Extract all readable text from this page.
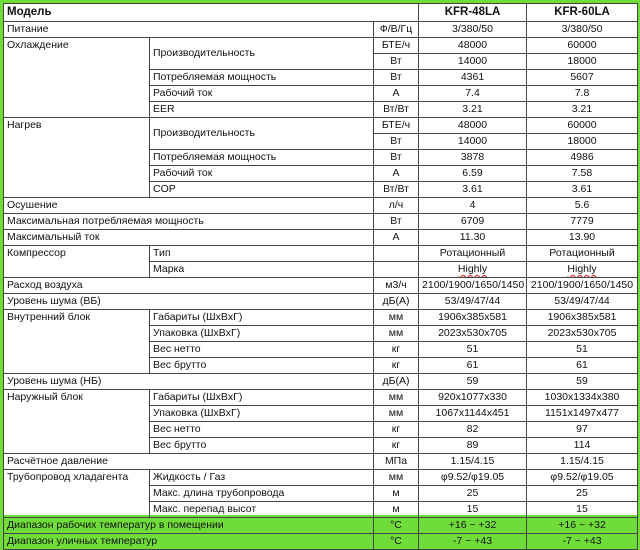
Модель			KFR-48LA	KFR-60LA
Питание		Ф/В/Гц	3/380/50	3/380/50
Охлаждение	Производительность	БТЕ/ч	48000	60000
		Вт	14000	18000
	Потребляемая мощность	Вт	4361	5607
	Рабочий ток	А	7.4	7.8
	EER	Вт/Вт	3.21	3.21
Нагрев	Производительность	БТЕ/ч	48000	60000
		Вт	14000	18000
	Потребляемая мощность	Вт	3878	4986
	Рабочий ток	А	6.59	7.58
	COP	Вт/Вт	3.61	3.61
Осушение		л/ч	4	5.6
Максимальная потребляемая мощность		Вт	6709	7779
Максимальный ток		А	11.30	13.90
Компрессор	Тип		Ротационный	Ротационный
	Марка		Highly	Highly
Расход воздуха		м3/ч	2100/1900/1650/1450	2100/1900/1650/1450
Уровень шума (ВБ)		дБ(А)	53/49/47/44	53/49/47/44
Внутренний блок	Габариты (ШxВxГ)	мм	1906x385x581	1906x385x581
	Упаковка (ШxВxГ)	мм	2023x530x705	2023x530x705
	Вес нетто	кг	51	51
	Вес брутто	кг	61	61
Уровень шума (НБ)		дБ(А)	59	59
Наружный блок	Габариты (ШxВxГ)	мм	920x1077x330	1030x1334x380
	Упаковка (ШxВxГ)	мм	1067x1144x451	1151x1497x477
	Вес нетто	кг	82	97
	Вес брутто	кг	89	114
Расчётное давление		МПа	1.15/4.15	1.15/4.15
Трубопровод хладагента	Жидкость / Газ	мм	φ9.52/φ19.05	φ9.52/φ19.05
	Макс. длина трубопровода	м	25	25
	Макс. перепад высот	м	15	15
Диапазон рабочих температур в помещении		°C	+16 ~ +32	+16 ~ +32
Диапазон уличных температур		°C	-7 ~ +43	-7 ~ +43
